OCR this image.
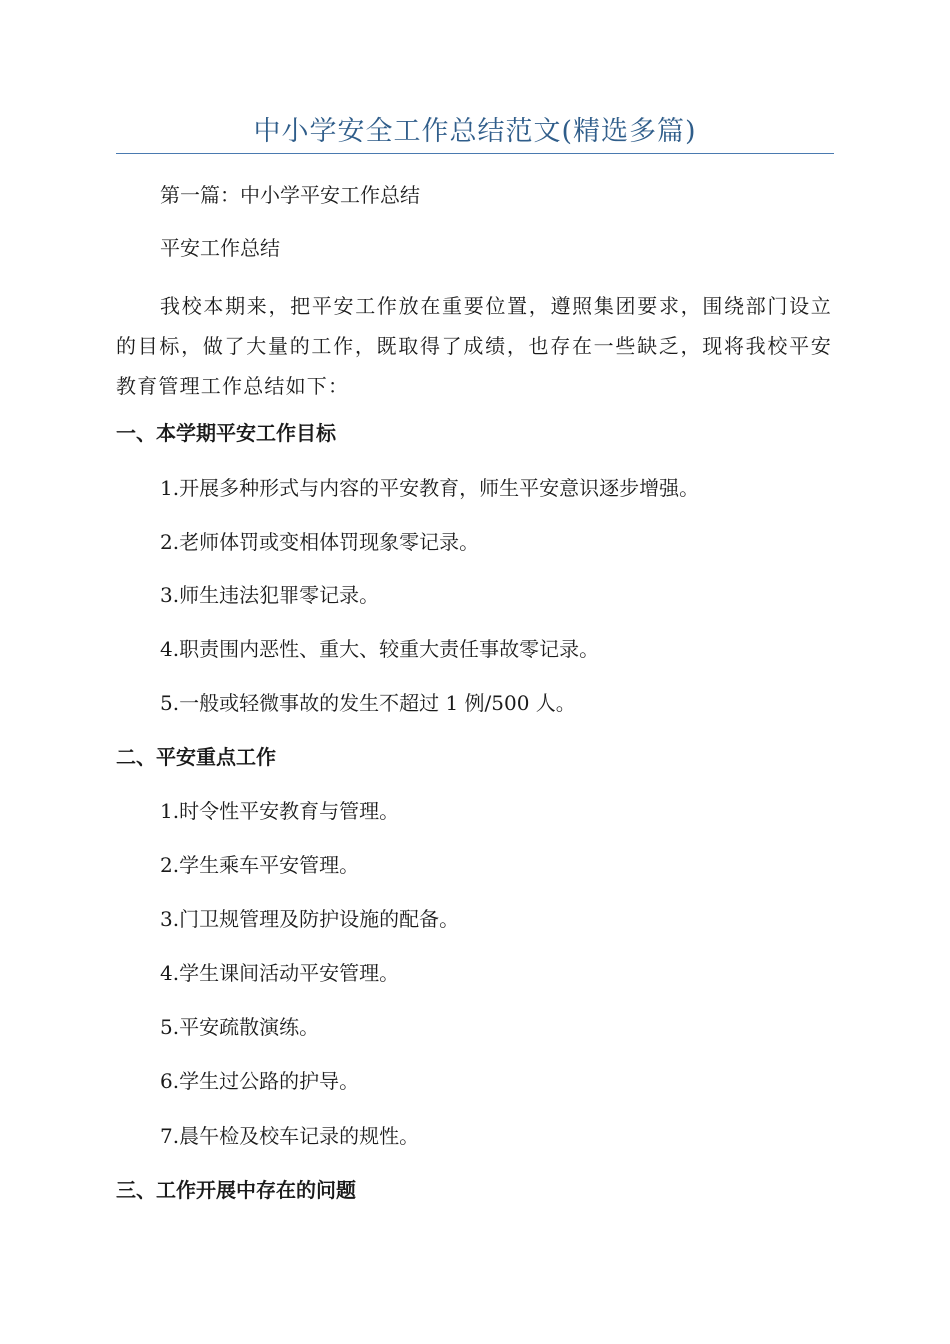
中小学安全工作总结范文(精选多篇)
第一篇：中小学平安工作总结
平安工作总结
我校本期来，把平安工作放在重要位置，遵照集团要求，围绕部门设立的目标，做了大量的工作，既取得了成绩，也存在一些缺乏，现将我校平安教育管理工作总结如下：
一、本学期平安工作目标
1.开展多种形式与内容的平安教育，师生平安意识逐步增强。
2.老师体罚或变相体罚现象零记录。
3.师生违法犯罪零记录。
4.职责围内恶性、重大、较重大责任事故零记录。
5.一般或轻微事故的发生不超过 1 例/500 人。
二、平安重点工作
1.时令性平安教育与管理。
2.学生乘车平安管理。
3.门卫规管理及防护设施的配备。
4.学生课间活动平安管理。
5.平安疏散演练。
6.学生过公路的护导。
7.晨午检及校车记录的规性。
三、工作开展中存在的问题
